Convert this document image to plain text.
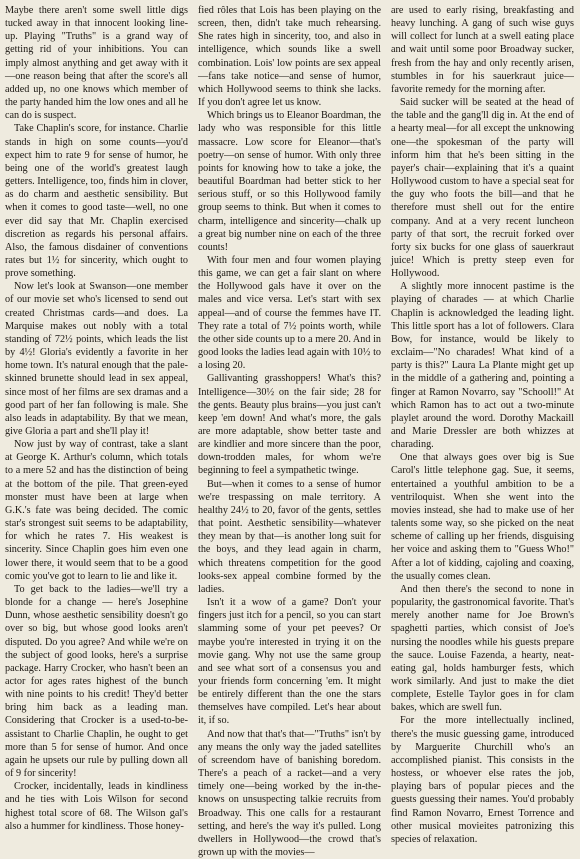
Maybe there aren't some swell little digs tucked away in that innocent looking line-up. Playing "Truths" is a grand way of getting rid of your inhibitions. You can imply almost anything and get away with it—one reason being that after the score's all added up, no one knows which member of the party handed him the low ones and all he can do is suspect.

Take Chaplin's score, for instance. Charlie stands in high on some counts—you'd expect him to rate 9 for sense of humor, he being one of the world's greatest laugh getters. Intelligence, too, finds him in clover, as do charm and aesthetic sensibility. But when it comes to good taste—well, no one ever did say that Mr. Chaplin exercised discretion as regards his personal affairs. Also, the famous disdainer of conventions rates but 1½ for sincerity, which ought to prove something.

Now let's look at Swanson—one member of our movie set who's licensed to send out created Christmas cards—and does. La Marquise makes out nobly with a total standing of 72½ points, which leads the list by 4½! Gloria's evidently a favorite in her home town. It's natural enough that the pale-skinned brunette should lead in sex appeal, since most of her films are sex dramas and a good part of her fan following is male. She also leads in adaptability. By that we mean, give Gloria a part and she'll play it!

Now just by way of contrast, take a slant at George K. Arthur's column, which totals to a mere 52 and has the distinction of being at the bottom of the pile. That green-eyed monster must have been at large when G.K.'s fate was being decided. The comic star's strongest suit seems to be adaptability, for which he rates 7. His weakest is sincerity. Since Chaplin goes him even one lower there, it would seem that to be a good comic you've got to learn to lie and like it.

To get back to the ladies—we'll try a blonde for a change — here's Josephine Dunn, whose aesthetic sensibility doesn't go over so big, but whose good looks aren't disputed. Do you agree? And while we're on the subject of good looks, here's a surprise package. Harry Crocker, who hasn't been an actor for ages rates highest of the bunch with nine points to his credit! They'd better bring him back as a leading man. Considering that Crocker is a used-to-be-assistant to Charlie Chaplin, he ought to get more than 5 for sense of humor. And once again he upsets our rule by pulling down all of 9 for sincerity!

Crocker, incidentally, leads in kindliness and he ties with Lois Wilson for second highest total score of 68. The Wilson gal's also a hummer for kindliness. Those honey-

fied rôles that Lois has been playing on the screen, then, didn't take much rehearsing. She rates high in sincerity, too, and also in intelligence, which sounds like a swell combination. Lois' low points are sex appeal—fans take notice—and sense of humor, which Hollywood seems to think she lacks. If you don't agree let us know.

Which brings us to Eleanor Boardman, the lady who was responsible for this little massacre. Low score for Eleanor—that's poetry—on sense of humor. With only three points for knowing how to take a joke, the beautiful Boardman had better stick to her serious stuff, or so this Hollywood family group seems to think. But when it comes to charm, intelligence and sincerity—chalk up a great big number nine on each of the three counts!

With four men and four women playing this game, we can get a fair slant on where the Hollywood gals have it over on the males and vice versa. Let's start with sex appeal—and of course the femmes have IT. They rate a total of 7½ points worth, while the other side counts up to a mere 20. And in good looks the ladies lead again with 10½ to a losing 20.

Gallivanting grasshoppers! What's this? Intelligence—30½ on the fair side; 28 for the gents. Beauty plus brains—you just can't keep 'em down! And what's more, the gals are more adaptable, show better taste and are kindlier and more sincere than the poor, down-trodden males, for whom we're beginning to feel a sympathetic twinge.

But—when it comes to a sense of humor we're trespassing on male territory. A healthy 24½ to 20, favor of the gents, settles that point. Aesthetic sensibility—whatever they mean by that—is another long suit for the boys, and they lead again in charm, which threatens competition for the good looks-sex appeal combine formed by the ladies.

Isn't it a wow of a game? Don't your fingers just itch for a pencil, so you can start slamming some of your pet peeves? Or maybe you're interested in trying it on the movie gang. Why not use the same group and see what sort of a consensus you and your friends form concerning 'em. It might be entirely different than the one the stars themselves have compiled. Let's hear about it, if so.

And now that that's that—"Truths" isn't by any means the only way the jaded satellites of screendom have of banishing boredom. There's a peach of a racket—and a very timely one—being worked by the in-the-knows on unsuspecting talkie recruits from Broadway. This one calls for a restaurant setting, and here's the way it's pulled. Long dwellers in Hollywood—the crowd that's grown up with the movies—

are used to early rising, breakfasting and heavy lunching. A gang of such wise guys will collect for lunch at a swell eating place and wait until some poor Broadway sucker, fresh from the hay and only recently arisen, stumbles in for his sauerkraut juice—favorite remedy for the morning after.

Said sucker will be seated at the head of the table and the gang'll dig in. At the end of a hearty meal—for all except the unknowing one—the spokesman of the party will inform him that he's been sitting in the payer's chair—explaining that it's a quaint Hollywood custom to have a special seat for the guy who foots the bill—and that he therefore must shell out for the entire company. And at a very recent luncheon party of that sort, the recruit forked over forty six bucks for one glass of sauerkraut juice! Which is pretty steep even for Hollywood.

A slightly more innocent pastime is the playing of charades — at which Charlie Chaplin is acknowledged the leading light. This little sport has a lot of followers. Clara Bow, for instance, would be likely to exclaim—"No charades! What kind of a party is this?" Laura La Plante might get up in the middle of a gathering and, pointing a finger at Ramon Novarro, say "Schooll!" At which Ramon has to act out a two-minute playlet around the word. Dorothy Mackaill and Marie Dressler are both whizzes at charading.

One that always goes over big is Sue Carol's little telephone gag. Sue, it seems, entertained a youthful ambition to be a ventriloquist. When she went into the movies instead, she had to make use of her talents some way, so she picked on the neat scheme of calling up her friends, disguising her voice and asking them to "Guess Who!" After a lot of kidding, cajoling and coaxing, the usually comes clean.

And then there's the second to none in popularity, the gastronomical favorite. That's merely another name for Joe Brown's spaghetti parties, which consist of Joe's nursing the noodles while his guests prepare the sauce. Louise Fazenda, a hearty, neat-eating gal, holds hamburger fests, which work similarly. And just to make the diet complete, Estelle Taylor goes in for clam bakes, which are swell fun.

For the more intellectually inclined, there's the music guessing game, introduced by Marguerite Churchill who's an accomplished pianist. This consists in the hostess, or whoever else rates the job, playing bars of popular pieces and the guests guessing their names. You'd probably find Ramon Novarro, Ernest Torrence and other musical movieites patronizing this species of relaxation.
